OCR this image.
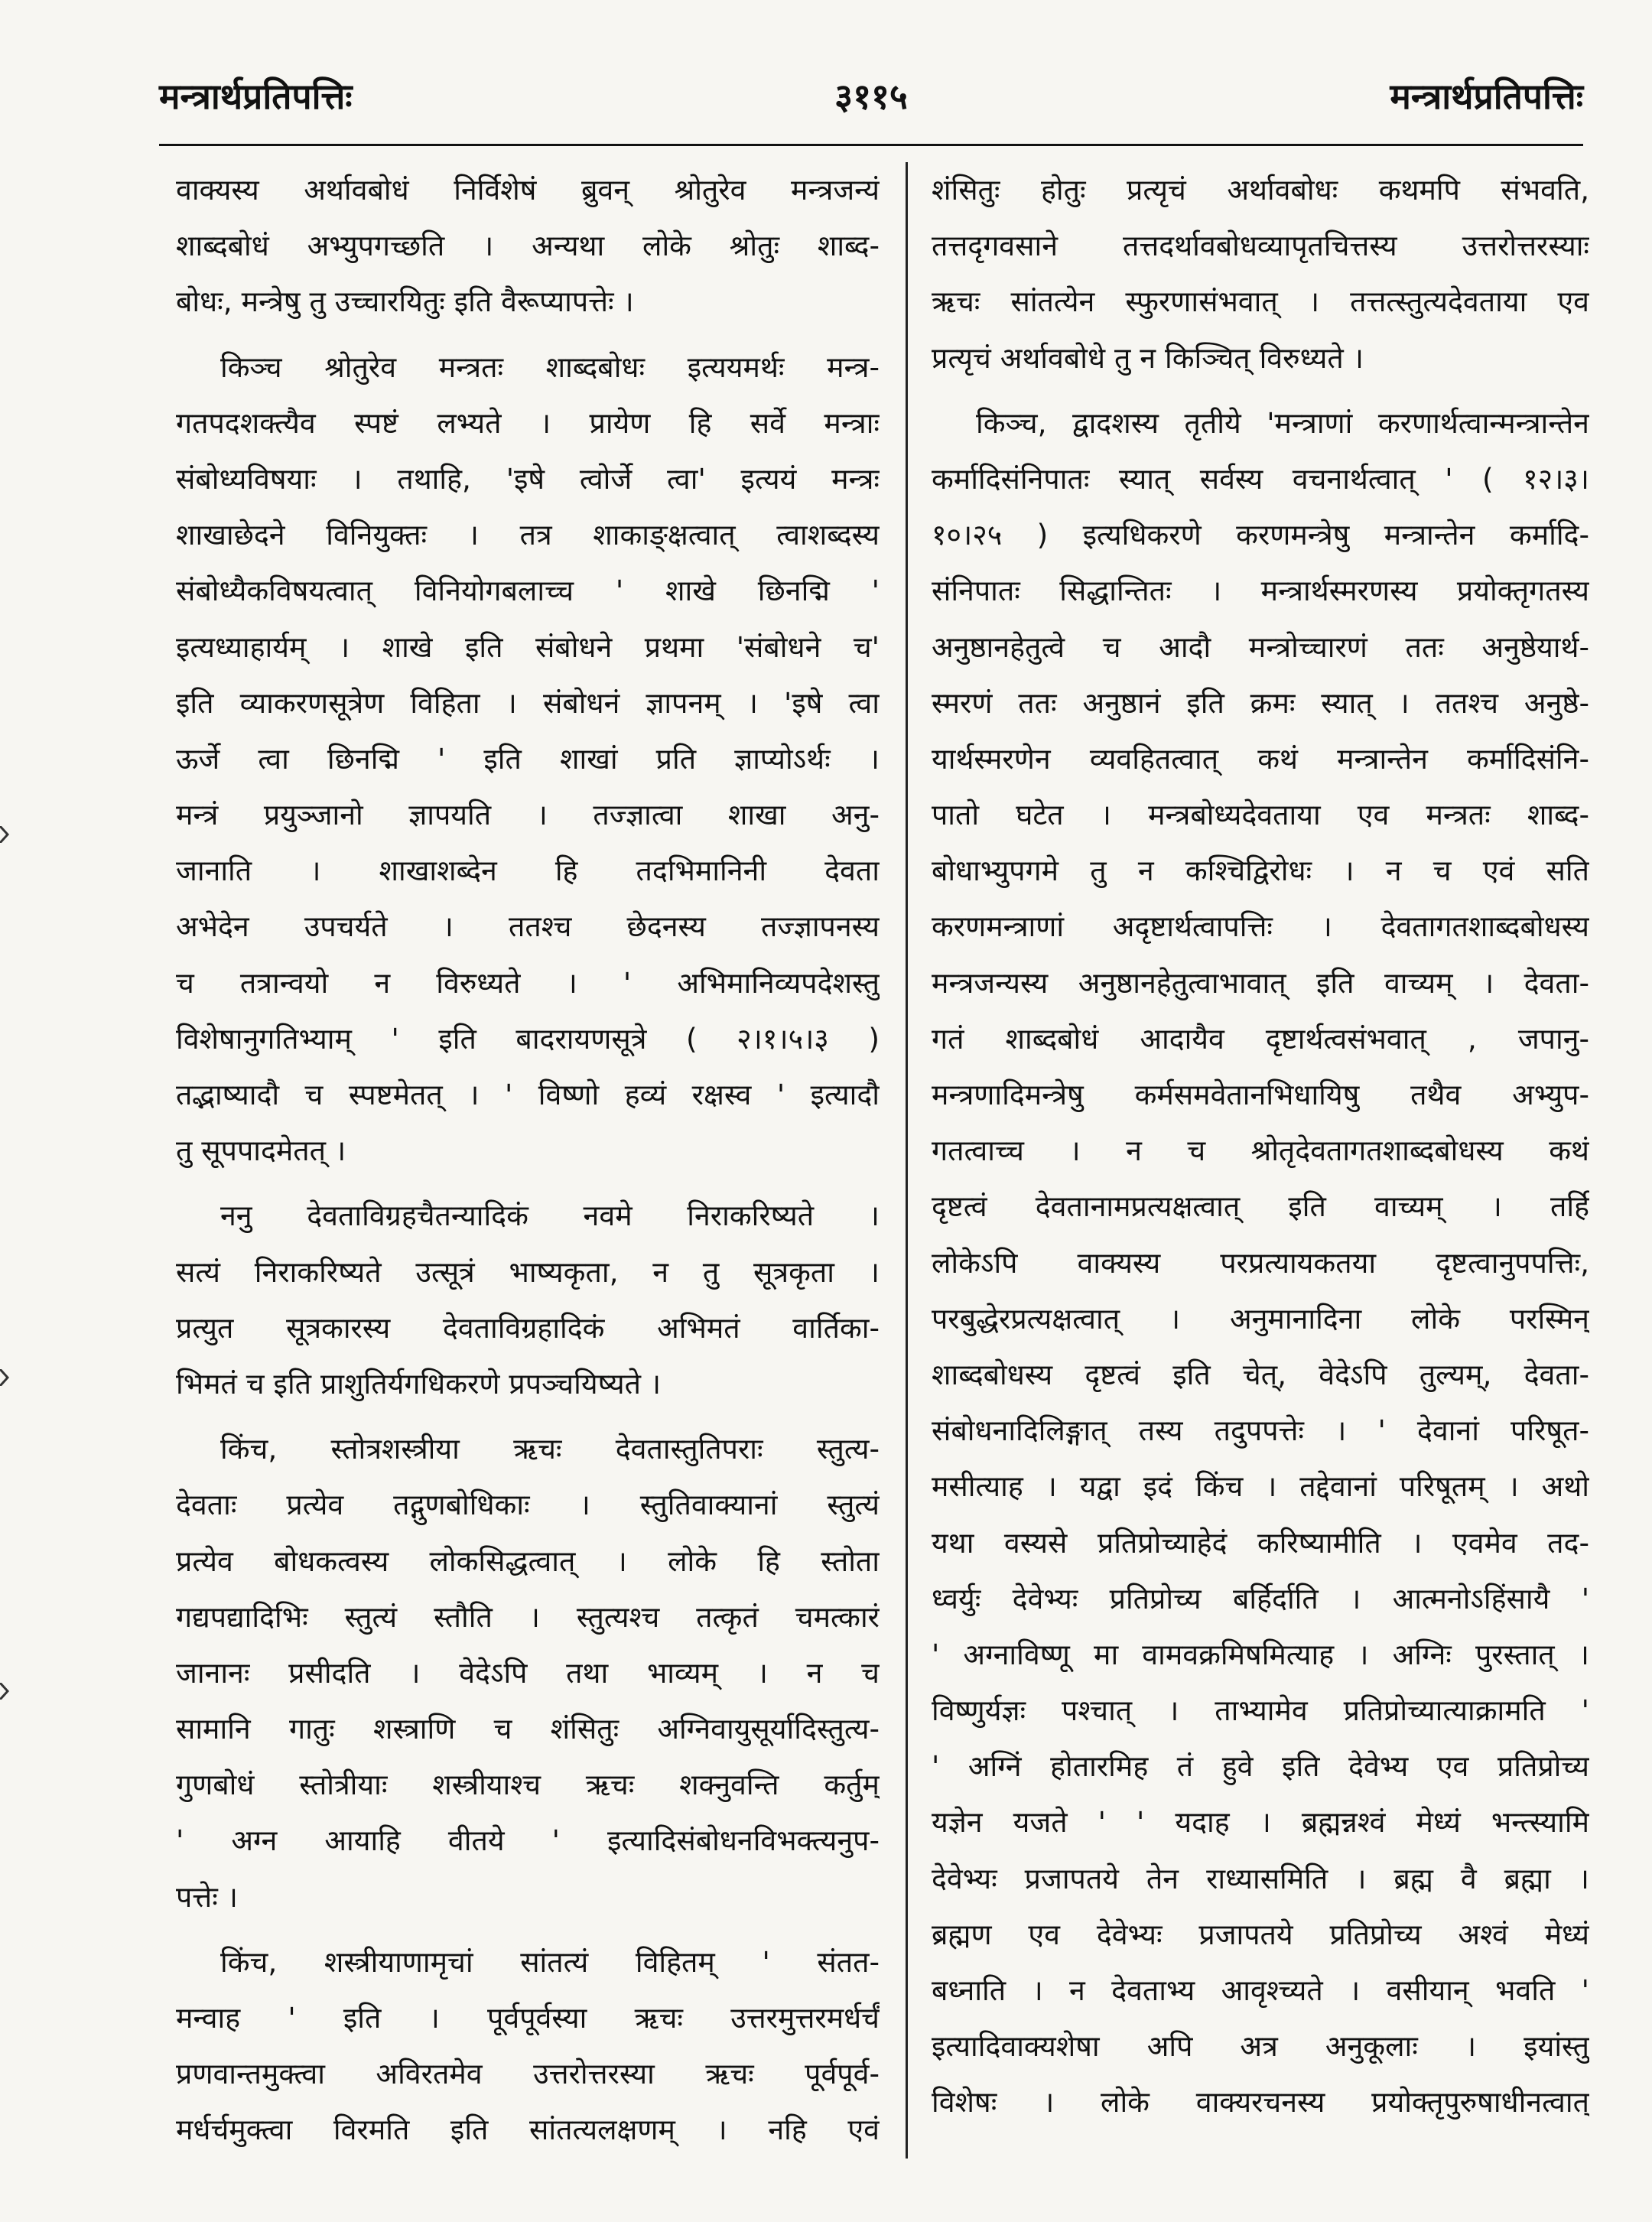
मन्त्रार्थप्रतिपत्तिः	३११५	मन्त्रार्थप्रतिपत्तिः
वाक्यस्य अर्थावबोधं निर्विशेषं ब्रुवन् श्रोतुरेव मन्त्रजन्यं
शाब्दबोधं अभ्युपगच्छति । अन्यथा लोके श्रोतुः शाब्द-
बोधः, मन्त्रेषु तु उच्चारयितुः इति वैरूप्यापत्तेः ।
किञ्च श्रोतुरेव मन्त्रतः शाब्दबोधः इत्ययमर्थः मन्त्र-
गतपदशक्त्यैव स्पष्टं लभ्यते । प्रायेण हि सर्वे मन्त्राः
संबोध्यविषयाः । तथाहि, 'इषे त्वोर्जे त्वा' इत्ययं मन्त्रः
शाखाछेदने विनियुक्तः । तत्र शाकाङ्क्षत्वात् त्वाशब्दस्य
संबोध्यैकविषयत्वात् विनियोगबलाच्च ' शाखे छिनद्मि '
इत्यध्याहार्यम् । शाखे इति संबोधने प्रथमा 'संबोधने च'
इति व्याकरणसूत्रेण विहिता । संबोधनं ज्ञापनम् । 'इषे त्वा
ऊर्जे त्वा छिनद्मि ' इति शाखां प्रति ज्ञाप्योऽर्थः ।
मन्त्रं प्रयुञ्जानो ज्ञापयति । तज्ज्ञात्वा शाखा अनु-
जानाति । शाखाशब्देन हि तदभिमानिनी देवता
अभेदेन उपचर्यते । ततश्च छेदनस्य तज्ज्ञापनस्य
च तत्रान्वयो न विरुध्यते । ' अभिमानिव्यपदेशस्तु
विशेषानुगतिभ्याम् ' इति बादरायणसूत्रे ( २।१।५।३ )
तद्भाष्यादौ च स्पष्टमेतत् । ' विष्णो हव्यं रक्षस्व ' इत्यादौ
तु सूपपादमेतत् ।
ननु देवताविग्रहचैतन्यादिकं नवमे निराकरिष्यते ।
सत्यं निराकरिष्यते उत्सूत्रं भाष्यकृता, न तु सूत्रकृता ।
प्रत्युत सूत्रकारस्य देवताविग्रहादिकं अभिमतं वार्तिका-
भिमतं च इति प्राशुतिर्यगधिकरणे प्रपञ्चयिष्यते ।
किंच, स्तोत्रशस्त्रीया ऋचः देवतास्तुतिपराः स्तुत्य-
देवताः प्रत्येव तद्गुणबोधिकाः । स्तुतिवाक्यानां स्तुत्यं
प्रत्येव बोधकत्वस्य लोकसिद्धत्वात् । लोके हि स्तोता
गद्यपद्यादिभिः स्तुत्यं स्तौति । स्तुत्यश्च तत्कृतं चमत्कारं
जानानः प्रसीदति । वेदेऽपि तथा भाव्यम् । न च
सामानि गातुः शस्त्राणि च शंसितुः अग्निवायुसूर्यादिस्तुत्य-
गुणबोधं स्तोत्रीयाः शस्त्रीयाश्च ऋचः शक्नुवन्ति कर्तुम्
' अग्न आयाहि वीतये ' इत्यादिसंबोधनविभक्त्यनुप-
पत्तेः ।
किंच, शस्त्रीयाणामृचां सांतत्यं विहितम् ' संतत-
मन्वाह ' इति । पूर्वपूर्वस्या ऋचः उत्तरमुत्तरमर्धर्चं
प्रणवान्तमुक्त्वा अविरतमेव उत्तरोत्तरस्या ऋचः पूर्वपूर्व-
मर्धर्चमुक्त्वा विरमति इति सांतत्यलक्षणम् । नहि एवं
शंसितुः होतुः प्रत्यृचं अर्थावबोधः कथमपि संभवति,
तत्तदृगवसाने तत्तदर्थावबोधव्यापृतचित्तस्य उत्तरोत्तरस्याः
ऋचः सांतत्येन स्फुरणासंभवात् । तत्तत्स्तुत्यदेवताया एव
प्रत्यृचं अर्थावबोधे तु न किञ्चित् विरुध्यते ।
किञ्च, द्वादशस्य तृतीये 'मन्त्राणां करणार्थत्वान्मन्त्रान्तेन
कर्मादिसंनिपातः स्यात् सर्वस्य वचनार्थत्वात् ' ( १२।३।
१०।२५ ) इत्यधिकरणे करणमन्त्रेषु मन्त्रान्तेन कर्मादि-
संनिपातः सिद्धान्तितः । मन्त्रार्थस्मरणस्य प्रयोक्तृगतस्य
अनुष्ठानहेतुत्वे च आदौ मन्त्रोच्चारणं ततः अनुष्ठेयार्थ-
स्मरणं ततः अनुष्ठानं इति क्रमः स्यात् । ततश्च अनुष्ठे-
यार्थस्मरणेन व्यवहितत्वात् कथं मन्त्रान्तेन कर्मादिसंनि-
पातो घटेत । मन्त्रबोध्यदेवताया एव मन्त्रतः शाब्द-
बोधाभ्युपगमे तु न कश्चिद्विरोधः । न च एवं सति
करणमन्त्राणां अदृष्टार्थत्वापत्तिः । देवतागतशाब्दबोधस्य
मन्त्रजन्यस्य अनुष्ठानहेतुत्वाभावात् इति वाच्यम् । देवता-
गतं शाब्दबोधं आदायैव दृष्टार्थत्वसंभवात् , जपानु-
मन्त्रणादिमन्त्रेषु कर्मसमवेतानभिधायिषु तथैव अभ्युप-
गतत्वाच्च । न च श्रोतृदेवतागतशाब्दबोधस्य कथं
दृष्टत्वं देवतानामप्रत्यक्षत्वात् इति वाच्यम् । तर्हि
लोकेऽपि वाक्यस्य परप्रत्यायकतया दृष्टत्वानुपपत्तिः,
परबुद्धेरप्रत्यक्षत्वात् । अनुमानादिना लोके परस्मिन्
शाब्दबोधस्य दृष्टत्वं इति चेत्, वेदेऽपि तुल्यम्, देवता-
संबोधनादिलिङ्गात् तस्य तदुपपत्तेः । ' देवानां परिषूत-
मसीत्याह । यद्वा इदं किंच । तद्देवानां परिषूतम् । अथो
यथा वस्यसे प्रतिप्रोच्याहेदं करिष्यामीति । एवमेव तद-
ध्वर्युः देवेभ्यः प्रतिप्रोच्य बर्हिर्दाति । आत्मनोऽहिंसायै '
' अग्नाविष्णू मा वामवक्रमिषमित्याह । अग्निः पुरस्तात् ।
विष्णुर्यज्ञः पश्चात् । ताभ्यामेव प्रतिप्रोच्यात्याक्रामति '
' अग्निं होतारमिह तं हुवे इति देवेभ्य एव प्रतिप्रोच्य
यज्ञेन यजते ' ' यदाह । ब्रह्मन्नश्वं मेध्यं भन्त्स्यामि
देवेभ्यः प्रजापतये तेन राध्यासमिति । ब्रह्म वै ब्रह्मा ।
ब्रह्मण एव देवेभ्यः प्रजापतये प्रतिप्रोच्य अश्वं मेध्यं
बध्नाति । न देवताभ्य आवृश्च्यते । वसीयान् भवति '
इत्यादिवाक्यशेषा अपि अत्र अनुकूलाः । इयांस्तु
विशेषः । लोके वाक्यरचनस्य प्रयोक्तृपुरुषाधीनत्वात्
